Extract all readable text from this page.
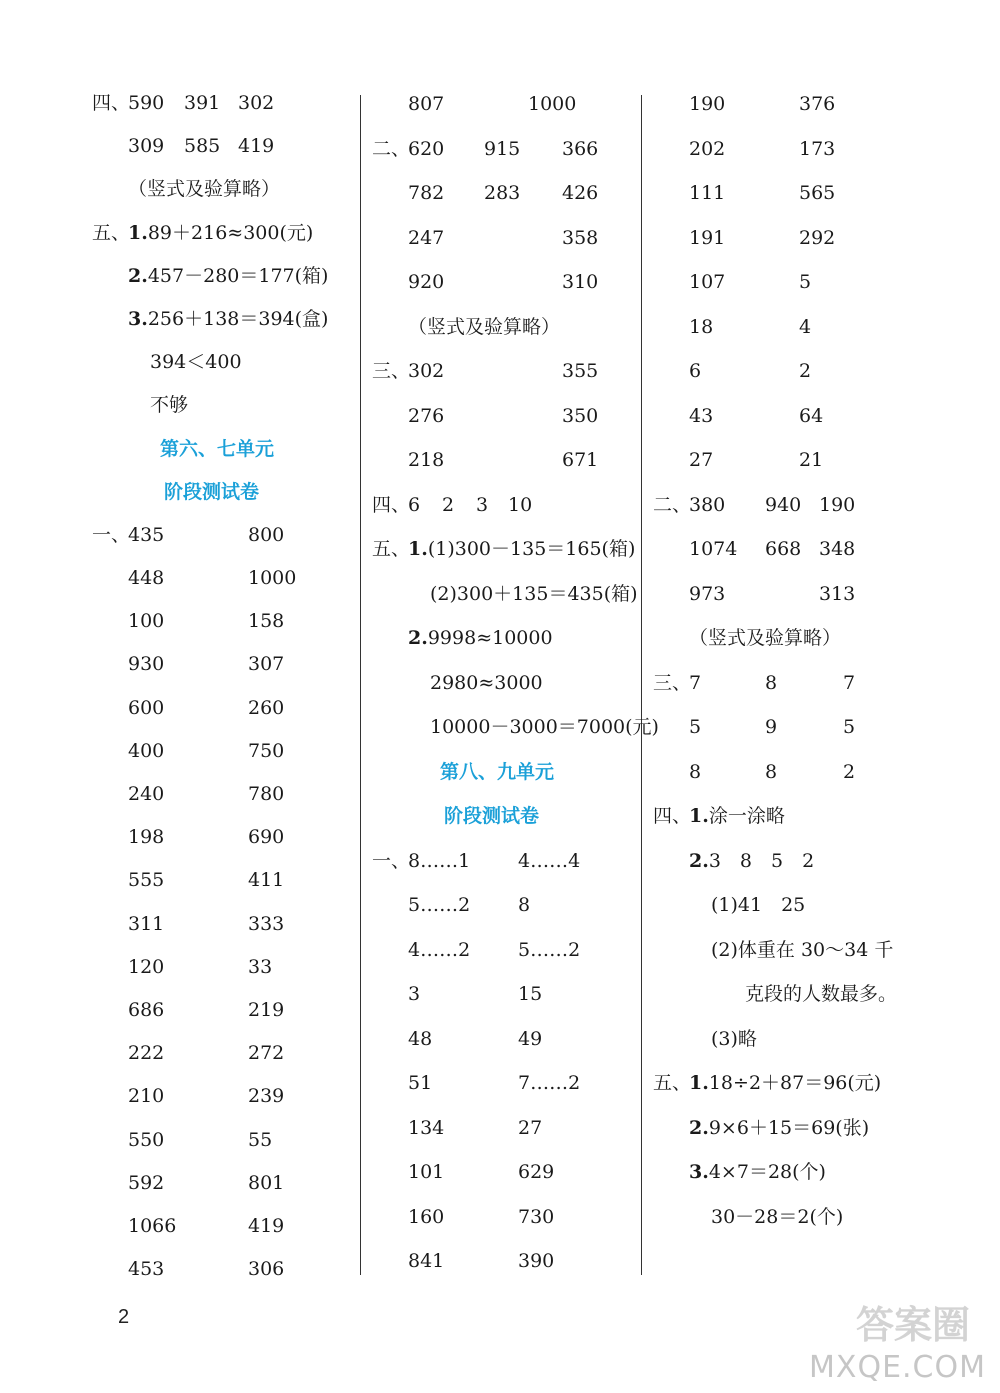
四、
590 391 302
309 585 419
（竖式及验算略）
五、
1.89＋216≈300(元)
2.457－280＝177(箱)
3.256＋138＝394(盒)
394＜400
不够
第六、七单元
阶段测试卷
一、
435	800
448	1000
100	158
930	307
600	260
400	750
240	780
198	690
555	411
311	333
120	33
686	219
222	272
210	239
550	55
592	801
1066	419
453	306
807	1000
二、
620 915 366
782 283 426
247	358
920	310
（竖式及验算略）
三、
302	355
276	350
218	671
四、
6 2 3 10
五、
1.(1)300－135＝165(箱)
(2)300＋135＝435(箱)
2.9998≈10000
2980≈3000
10000－3000＝7000(元)
第八、九单元
阶段测试卷
一、
8……1	4……4
5……2	8
4……2	5……2
3	15
48	49
51	7……2
134	27
101	629
160	730
841	390
190	376
202	173
111	565
191	292
107	5
18	4
6	2
43	64
27	21
二、
380 940 190
1074 668 348
973	313
（竖式及验算略）
三、
7	8	7
5	9	5
8	8	2
四、
1.涂一涂略
2.3　8　5　2
(1)41　25
(2)体重在 30～34 千
克段的人数最多。
(3)略
五、
1.18÷2＋87＝96(元)
2.9×6＋15＝69(张)
3.4×7＝28(个)
30－28＝2(个)
2	答案圈
MXQE.COM
